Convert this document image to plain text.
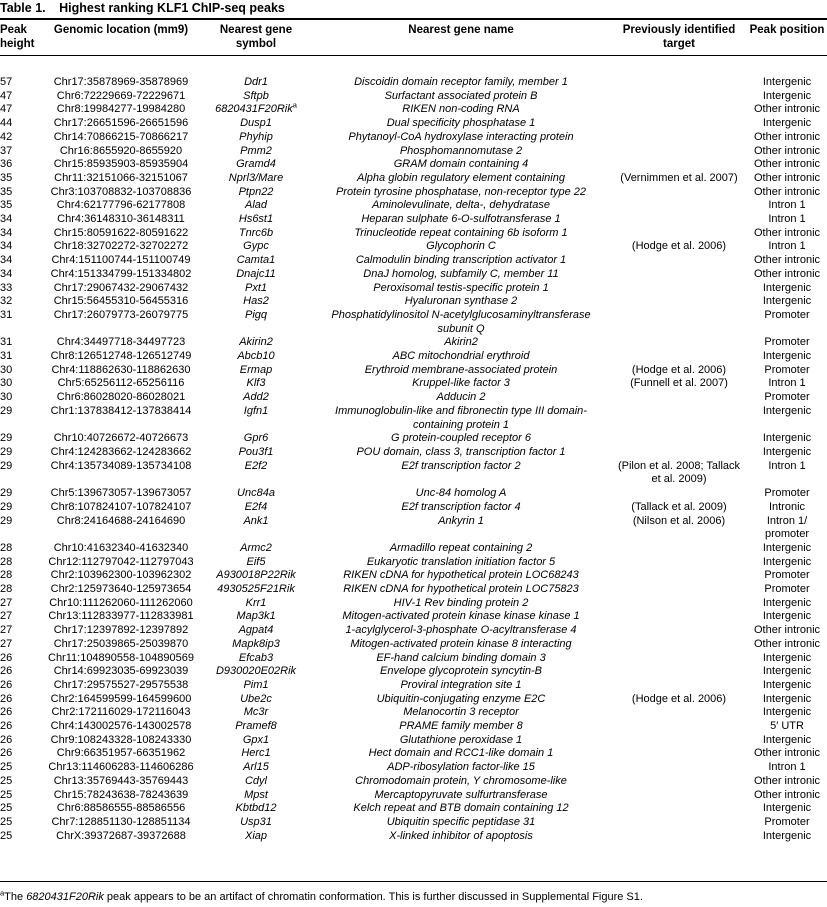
Table 1. Highest ranking KLF1 ChIP-seq peaks
Peak height	Genomic location (mm9)	Nearest gene symbol	Nearest gene name	Previously identified target	Peak position
57	Chr17:35878969-35878969	Ddr1	Discoidin domain receptor family, member 1		Intergenic
47	Chr6:72229669-72229671	Sftpb	Surfactant associated protein B		Intergenic
47	Chr8:19984277-19984280	6820431F20Rik$^a$	RIKEN non-coding RNA		Other intronic
44	Chr17:26651596-26651596	Dusp1	Dual specificity phosphatase 1		Intergenic
42	Chr14:70866215-70866217	Phyhip	Phytanoyl-CoA hydroxylase interacting protein		Other intronic
37	Chr16:8655920-8655920	Pmm2	Phosphomannomutase 2		Other intronic
36	Chr15:85935903-85935904	Gramd4	GRAM domain containing 4		Other intronic
35	Chr11:32151066-32151067	Nprl3/Mare	Alpha globin regulatory element containing	(Vernimmen et al. 2007)	Other intronic
35	Chr3:103708832-103708836	Ptpn22	Protein tyrosine phosphatase, non-receptor type 22		Other intronic
35	Chr4:62177796-62177808	Alad	Aminolevulinate, delta-, dehydratase		Intron 1
34	Chr4:36148310-36148311	Hs6st1	Heparan sulphate 6-O-sulfotransferase 1		Intron 1
34	Chr15:80591622-80591622	Tnrc6b	Trinucleotide repeat containing 6b isoform 1		Other intronic
34	Chr18:32702272-32702272	Gypc	Glycophorin C	(Hodge et al. 2006)	Intron 1
34	Chr4:151100744-151100749	Camta1	Calmodulin binding transcription activator 1		Other intronic
34	Chr4:151334799-151334802	Dnajc11	DnaJ homolog, subfamily C, member 11		Other intronic
33	Chr17:29067432-29067432	Pxt1	Peroxisomal testis-specific protein 1		Intergenic
32	Chr15:56455310-56455316	Has2	Hyaluronan synthase 2		Intergenic
31	Chr17:26079773-26079775	Pigq	Phosphatidylinositol N-acetylglucosaminyltransferase subunit Q		Promoter
31	Chr4:34497718-34497723	Akirin2	Akirin2		Promoter
31	Chr8:126512748-126512749	Abcb10	ABC mitochondrial erythroid		Intergenic
30	Chr4:118862630-118862630	Ermap	Erythroid membrane-associated protein	(Hodge et al. 2006)	Promoter
30	Chr5:65256112-65256116	Klf3	Kruppel-like factor 3	(Funnell et al. 2007)	Intron 1
30	Chr6:86028020-86028021	Add2	Adducin 2		Promoter
29	Chr1:137838412-137838414	Igfn1	Immunoglobulin-like and fibronectin type III domain-containing protein 1		Intergenic
29	Chr10:40726672-40726673	Gpr6	G protein-coupled receptor 6		Intergenic
29	Chr4:124283662-124283662	Pou3f1	POU domain, class 3, transcription factor 1		Intergenic
29	Chr4:135734089-135734108	E2f2	E2f transcription factor 2	(Pilon et al. 2008; Tallack et al. 2009)	Intron 1
29	Chr5:139673057-139673057	Unc84a	Unc-84 homolog A		Promoter
29	Chr8:107824107-107824107	E2f4	E2f transcription factor 4	(Tallack et al. 2009)	Intronic
29	Chr8:24164688-24164690	Ank1	Ankyrin 1	(Nilson et al. 2006)	Intron 1/ promoter
28	Chr10:41632340-41632340	Armc2	Armadillo repeat containing 2		Intergenic
28	Chr12:112797042-112797043	Eif5	Eukaryotic translation initiation factor 5		Intergenic
28	Chr2:103962300-103962302	A930018P22Rik	RIKEN cDNA for hypothetical protein LOC68243		Promoter
28	Chr2:125973640-125973654	4930525F21Rik	RIKEN cDNA for hypothetical protein LOC75823		Promoter
27	Chr10:111262060-111262060	Krr1	HIV-1 Rev binding protein 2		Intergenic
27	Chr13:112833977-112833981	Map3k1	Mitogen-activated protein kinase kinase kinase 1		Intergenic
27	Chr17:12397892-12397892	Agpat4	1-acylglycerol-3-phosphate O-acyltransferase 4		Other intronic
27	Chr17:25039865-25039870	Mapk8ip3	Mitogen-activated protein kinase 8 interacting		Other intronic
26	Chr11:104890558-104890569	Efcab3	EF-hand calcium binding domain 3		Intergenic
26	Chr14:69923035-69923039	D930020E02Rik	Envelope glycoprotein syncytin-B		Intergenic
26	Chr17:29575527-29575538	Pim1	Proviral integration site 1		Intergenic
26	Chr2:164599599-164599600	Ube2c	Ubiquitin-conjugating enzyme E2C	(Hodge et al. 2006)	Intergenic
26	Chr2:172116029-172116043	Mc3r	Melanocortin 3 receptor		Intergenic
26	Chr4:143002576-143002578	Pramef8	PRAME family member 8		5′ UTR
26	Chr9:108243328-108243330	Gpx1	Glutathione peroxidase 1		Intergenic
26	Chr9:66351957-66351962	Herc1	Hect domain and RCC1-like domain 1		Other intronic
25	Chr13:114606283-114606286	Arl15	ADP-ribosylation factor-like 15		Intron 1
25	Chr13:35769443-35769443	Cdyl	Chromodomain protein, Y chromosome-like		Other intronic
25	Chr15:78243638-78243639	Mpst	Mercaptopyruvate sulfurtransferase		Other intronic
25	Chr6:88586555-88586556	Kbtbd12	Kelch repeat and BTB domain containing 12		Intergenic
25	Chr7:128851130-128851134	Usp31	Ubiquitin specific peptidase 31		Promoter
25	ChrX:39372687-39372688	Xiap	X-linked inhibitor of apoptosis		Intergenic
$^a$The 6820431F20Rik peak appears to be an artifact of chromatin conformation. This is further discussed in Supplemental Figure S1.
